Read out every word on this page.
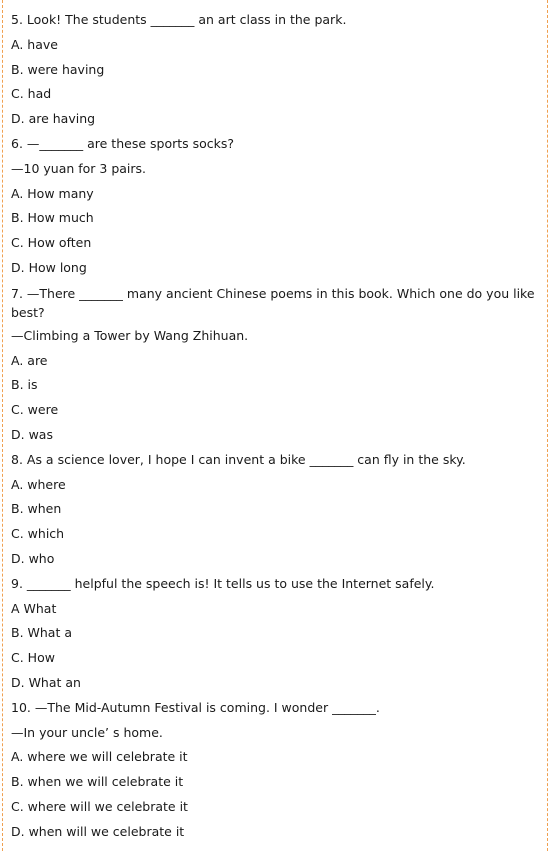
5. Look! The students _______ an art class in the park.
A. have
B. were having
C. had
D. are having
6. —_______ are these sports socks?
—10 yuan for 3 pairs.
A. How many
B. How much
C. How often
D. How long
7. —There _______ many ancient Chinese poems in this book. Which one do you like best?
—Climbing a Tower by Wang Zhihuan.
A. are
B. is
C. were
D. was
8. As a science lover, I hope I can invent a bike _______ can fly in the sky.
A. where
B. when
C. which
D. who
9. _______ helpful the speech is! It tells us to use the Internet safely.
A What
B. What a
C. How
D. What an
10. —The Mid-Autumn Festival is coming. I wonder _______.
—In your uncle’ s home.
A. where we will celebrate it
B. when we will celebrate it
C. where will we celebrate it
D. when will we celebrate it
